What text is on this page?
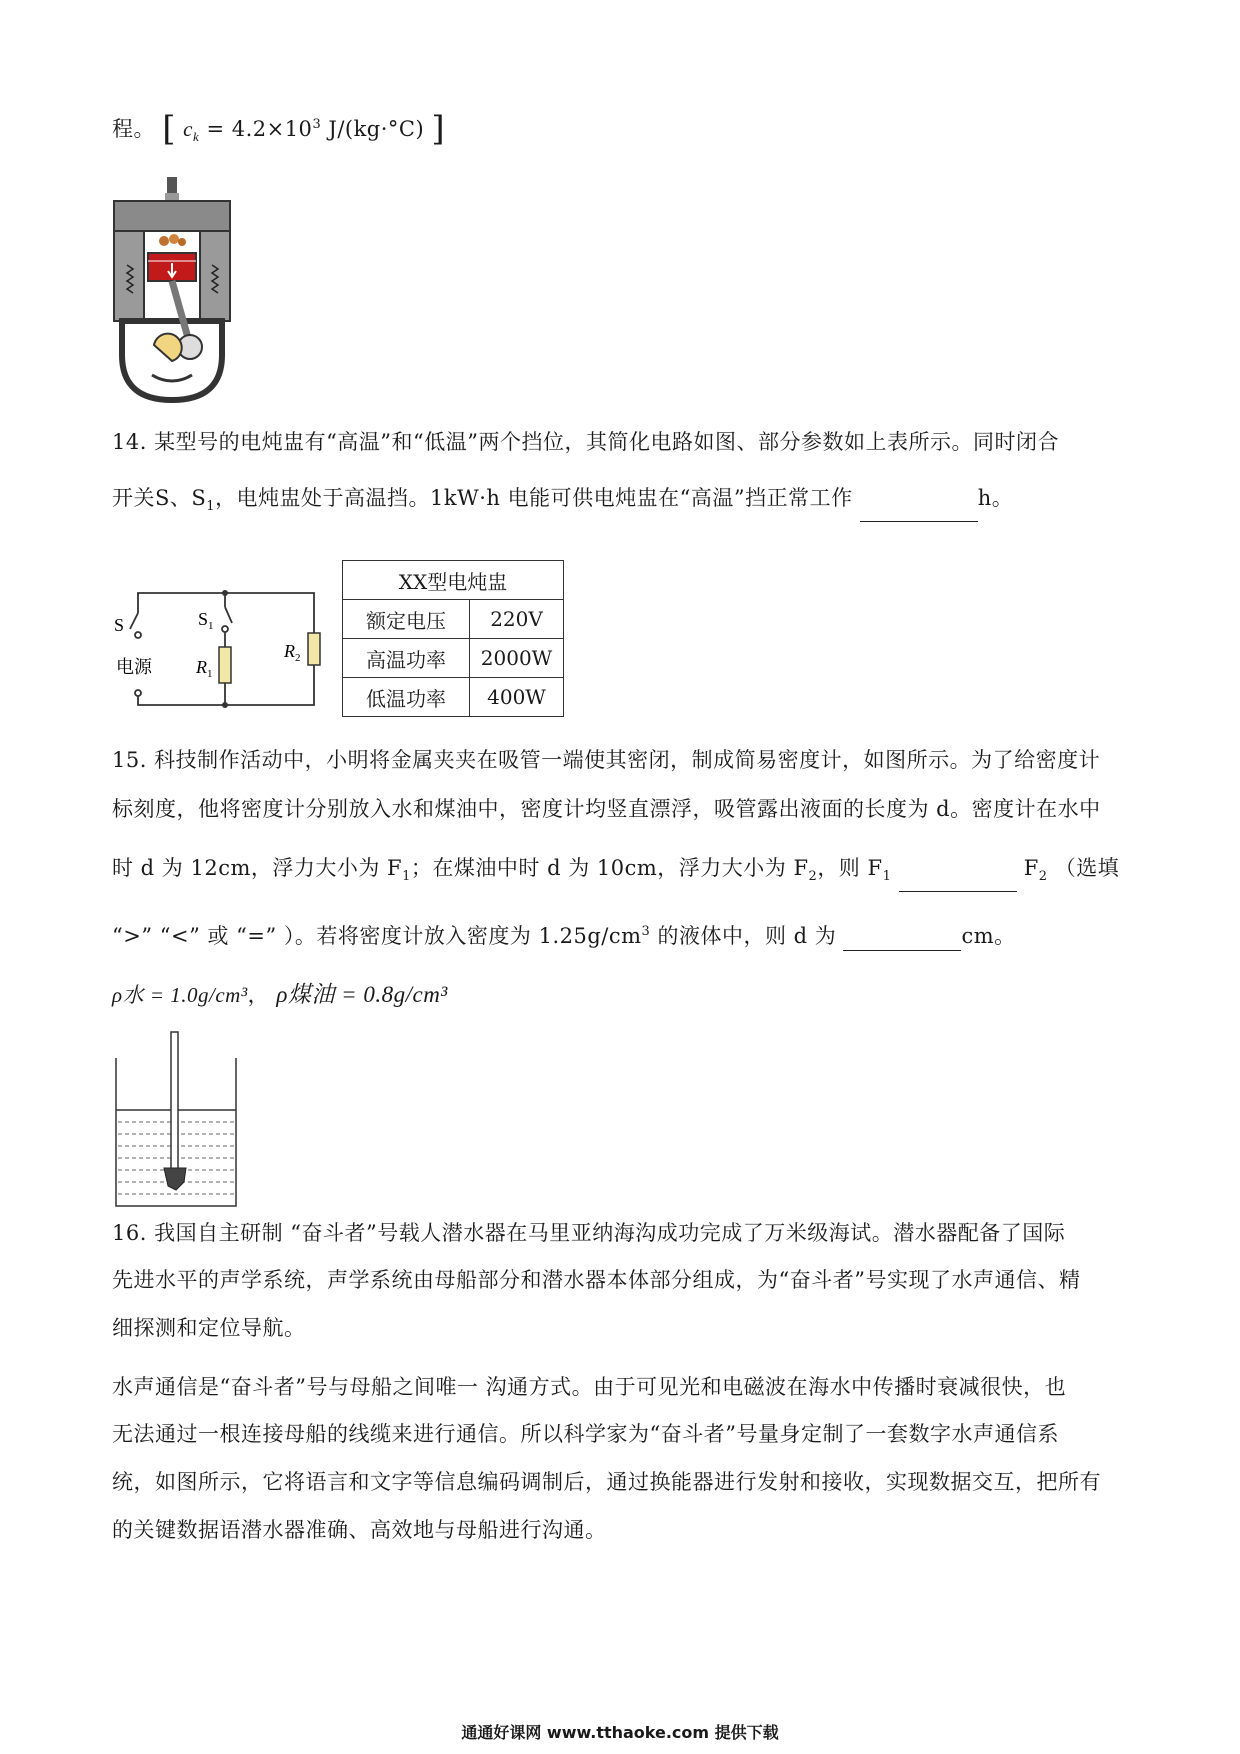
程。 [ $c_k = 4.2\times 10^3$ J/(kg·°C) ]
14. 某型号的电炖盅有“高温”和“低温”两个挡位，其简化电路如图、部分参数如上表所示。同时闭合
开关S、$S_1$，电炖盅处于高温挡。1kW·h 电能可供电炖盅在“高温”挡正常工作	h。
S	$S_1$
$R_1$
$R_2$
电源
XX型电炖盅	
额定电压	220V
高温功率	2000W
低温功率	400W
15. 科技制作活动中，小明将金属夹夹在吸管一端使其密闭，制成简易密度计，如图所示。为了给密度计
标刻度，他将密度计分别放入水和煤油中，密度计均竖直漂浮，吸管露出液面的长度为 d。密度计在水中
时 d 为 12cm，浮力大小为 $F_1$；在煤油中时 d 为 10cm，浮力大小为 $F_2$，则 $F_1$	$F_2$ （选填
“>” “<” 或 “=” ）。若将密度计放入密度为 $1.25g/cm^3$ 的液体中，则 d 为	cm。
ρ水 = 1.0g/cm³， ρ煤油 = 0.8g/cm³
16. 我国自主研制 “奋斗者”号载人潜水器在马里亚纳海沟成功完成了万米级海试。潜水器配备了国际
先进水平的声学系统，声学系统由母船部分和潜水器本体部分组成，为“奋斗者”号实现了水声通信、精
细探测和定位导航。
水声通信是“奋斗者”号与母船之间唯一 沟通方式。由于可见光和电磁波在海水中传播时衰减很快，也
无法通过一根连接母船的线缆来进行通信。所以科学家为“奋斗者”号量身定制了一套数字水声通信系
统，如图所示，它将语言和文字等信息编码调制后，通过换能器进行发射和接收，实现数据交互，把所有
的关键数据语潜水器准确、高效地与母船进行沟通。
通通好课网 www.tthaoke.com 提供下载
